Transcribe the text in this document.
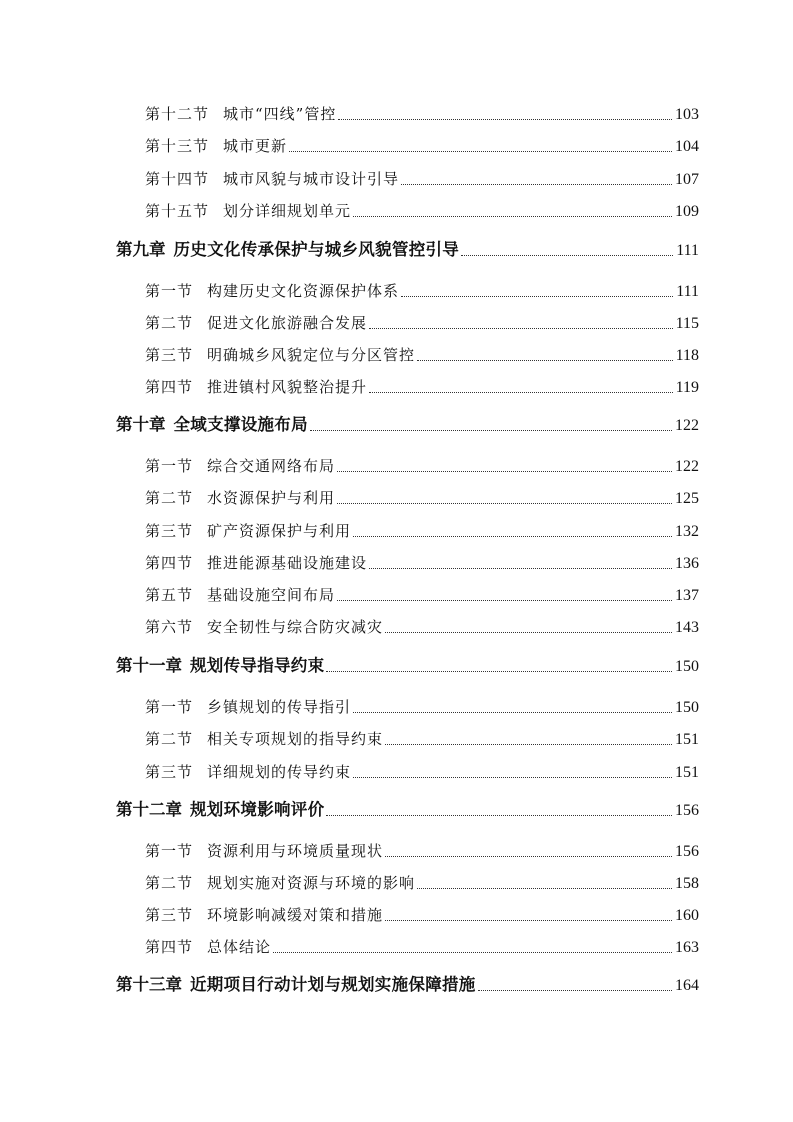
第十二节 城市“四线”管控	103
第十三节 城市更新	104
第十四节 城市风貌与城市设计引导	107
第十五节 划分详细规划单元	109
第九章 历史文化传承保护与城乡风貌管控引导	111
第一节 构建历史文化资源保护体系	111
第二节 促进文化旅游融合发展	115
第三节 明确城乡风貌定位与分区管控	118
第四节 推进镇村风貌整治提升	119
第十章 全域支撑设施布局	122
第一节 综合交通网络布局	122
第二节 水资源保护与利用	125
第三节 矿产资源保护与利用	132
第四节 推进能源基础设施建设	136
第五节 基础设施空间布局	137
第六节 安全韧性与综合防灾减灾	143
第十一章 规划传导指导约束	150
第一节 乡镇规划的传导指引	150
第二节 相关专项规划的指导约束	151
第三节 详细规划的传导约束	151
第十二章 规划环境影响评价	156
第一节 资源利用与环境质量现状	156
第二节 规划实施对资源与环境的影响	158
第三节 环境影响减缓对策和措施	160
第四节 总体结论	163
第十三章 近期项目行动计划与规划实施保障措施	164
